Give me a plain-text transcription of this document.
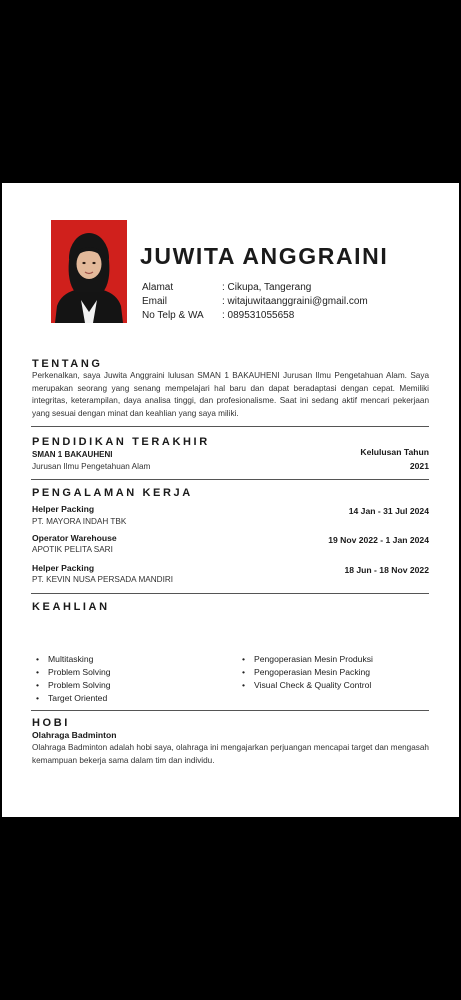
JUWITA ANGGRAINI
Alamat	: Cikupa, Tangerang
Email	: witajuwitaanggraini@gmail.com
No Telp & WA : 089531055658
TENTANG
Perkenalkan, saya Juwita Anggraini lulusan SMAN 1 BAKAUHENI Jurusan Ilmu Pengetahuan Alam. Saya merupakan seorang yang senang mempelajari hal baru dan dapat beradaptasi dengan cepat. Memiliki integritas, keterampilan, daya analisa tinggi, dan profesionalisme. Saat ini sedang aktif mencari pekerjaan yang sesuai dengan minat dan keahlian yang saya miliki.
PENDIDIKAN TERAKHIR
SMAN 1 BAKAUHENI
Jurusan Ilmu Pengetahuan Alam
Kelulusan Tahun
2021
PENGALAMAN KERJA
Helper Packing
PT. MAYORA INDAH TBK
14 Jan - 31 Jul 2024
Operator Warehouse
APOTIK PELITA SARI
19 Nov 2022 - 1 Jan 2024
Helper Packing
PT. KEVIN NUSA PERSADA MANDIRI
18 Jun - 18 Nov 2022
KEAHLIAN
• Multitasking
• Problem Solving
• Problem Solving
• Target Oriented
• Pengoperasian Mesin Produksi
• Pengoperasian Mesin Packing
• Visual Check & Quality Control
HOBI
Olahraga Badminton
Olahraga Badminton adalah hobi saya, olahraga ini mengajarkan perjuangan mencapai target dan mengasah kemampuan bekerja sama dalam tim dan individu.
